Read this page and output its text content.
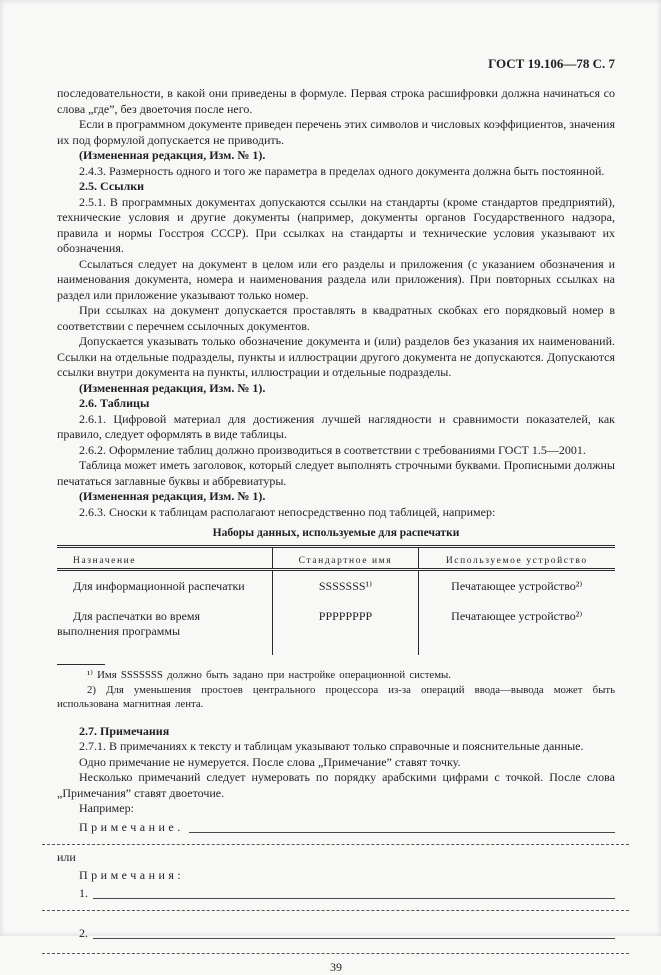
ГОСТ 19.106—78 С. 7

последовательности, в какой они приведены в формуле. Первая строка расшифровки должна начинаться со слова „где”, без двоеточия после него.

Если в программном документе приведен перечень этих символов и числовых коэффициентов, значения их под формулой допускается не приводить.

(Измененная редакция, Изм. № 1).

2.4.3. Размерность одного и того же параметра в пределах одного документа должна быть постоянной.

2.5. Ссылки

2.5.1. В программных документах допускаются ссылки на стандарты (кроме стандартов предприятий), технические условия и другие документы (например, документы органов Государственного надзора, правила и нормы Госстроя СССР). При ссылках на стандарты и технические условия указывают их обозначения.

Ссылаться следует на документ в целом или его разделы и приложения (с указанием обозначения и наименования документа, номера и наименования раздела или приложения). При повторных ссылках на раздел или приложение указывают только номер.

При ссылках на документ допускается проставлять в квадратных скобках его порядковый номер в соответствии с перечнем ссылочных документов.

Допускается указывать только обозначение документа и (или) разделов без указания их наименований. Ссылки на отдельные подразделы, пункты и иллюстрации другого документа не допускаются. Допускаются ссылки внутри документа на пункты, иллюстрации и отдельные подразделы.

(Измененная редакция, Изм. № 1).

2.6. Таблицы

2.6.1. Цифровой материал для достижения лучшей наглядности и сравнимости показателей, как правило, следует оформлять в виде таблицы.

2.6.2. Оформление таблиц должно производиться в соответствии с требованиями ГОСТ 1.5—2001.

Таблица может иметь заголовок, который следует выполнять строчными буквами. Прописными должны печататься заглавные буквы и аббревиатуры.

(Измененная редакция, Изм. № 1).

2.6.3. Сноски к таблицам располагают непосредственно под таблицей, например:

Наборы данных, используемые для распечатки
Назначение	Стандартное имя	Используемое устройство
Для информационной распечатки	SSSSSSS¹⁾	Печатающее устройство²⁾
Для распечатки во время выполнения программы	PPPPPPPP	Печатающее устройство²⁾

¹⁾ Имя SSSSSSS должно быть задано при настройке операционной системы.

2) Для уменьшения простоев центрального процессора из-за операций ввода—вывода может быть использована магнитная лента.

2.7. Примечания

2.7.1. В примечаниях к тексту и таблицам указывают только справочные и пояснительные данные.

Одно примечание не нумеруется. После слова „Примечание” ставят точку.

Несколько примечаний следует нумеровать по порядку арабскими цифрами с точкой. После слова „Примечания” ставят двоеточие.

Например:

Примечание.

или

Примечания:

1.
2.
39
